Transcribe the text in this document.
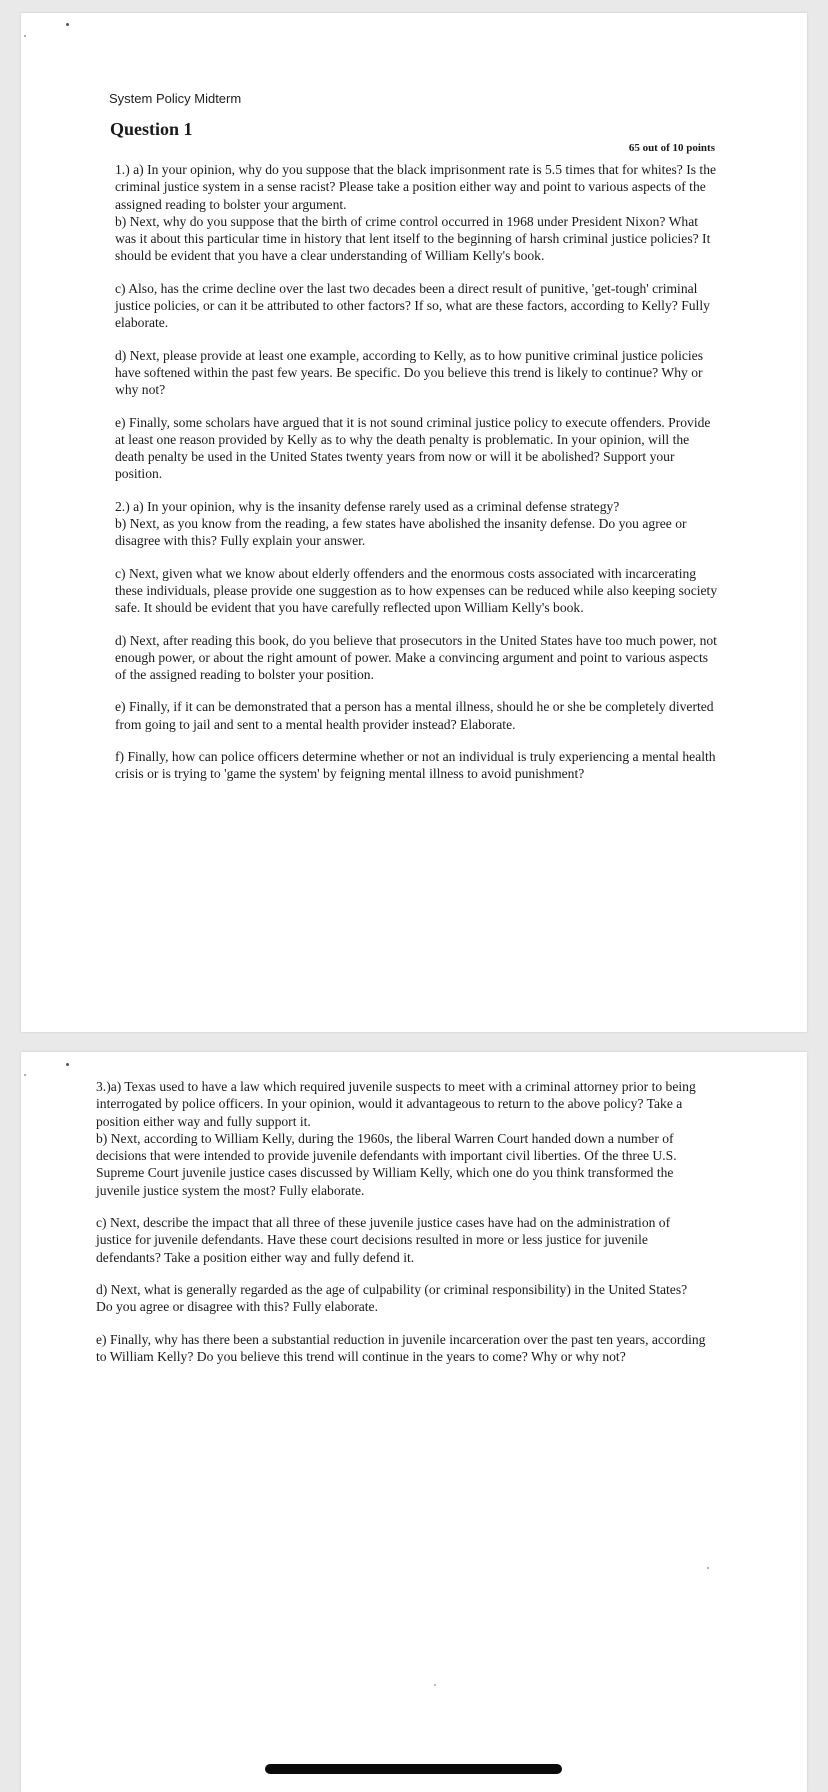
System Policy Midterm
Question 1
65 out of 10 points

1.) a) In your opinion, why do you suppose that the black imprisonment rate is 5.5 times that for whites? Is the criminal justice system in a sense racist? Please take a position either way and point to various aspects of the assigned reading to bolster your argument.

b) Next, why do you suppose that the birth of crime control occurred in 1968 under President Nixon? What was it about this particular time in history that lent itself to the beginning of harsh criminal justice policies? It should be evident that you have a clear understanding of William Kelly's book.

c) Also, has the crime decline over the last two decades been a direct result of punitive, 'get-tough' criminal justice policies, or can it be attributed to other factors? If so, what are these factors, according to Kelly? Fully elaborate.

d) Next, please provide at least one example, according to Kelly, as to how punitive criminal justice policies have softened within the past few years. Be specific. Do you believe this trend is likely to continue? Why or why not?

e) Finally, some scholars have argued that it is not sound criminal justice policy to execute offenders. Provide at least one reason provided by Kelly as to why the death penalty is problematic. In your opinion, will the death penalty be used in the United States twenty years from now or will it be abolished? Support your position.

2.) a) In your opinion, why is the insanity defense rarely used as a criminal defense strategy?

b) Next, as you know from the reading, a few states have abolished the insanity defense. Do you agree or disagree with this? Fully explain your answer.

c) Next, given what we know about elderly offenders and the enormous costs associated with incarcerating these individuals, please provide one suggestion as to how expenses can be reduced while also keeping society safe. It should be evident that you have carefully reflected upon William Kelly's book.

d) Next, after reading this book, do you believe that prosecutors in the United States have too much power, not enough power, or about the right amount of power. Make a convincing argument and point to various aspects of the assigned reading to bolster your position.

e) Finally, if it can be demonstrated that a person has a mental illness, should he or she be completely diverted from going to jail and sent to a mental health provider instead? Elaborate.

f) Finally, how can police officers determine whether or not an individual is truly experiencing a mental health crisis or is trying to 'game the system' by feigning mental illness to avoid punishment?

3.)a) Texas used to have a law which required juvenile suspects to meet with a criminal attorney prior to being interrogated by police officers. In your opinion, would it advantageous to return to the above policy? Take a position either way and fully support it.

b) Next, according to William Kelly, during the 1960s, the liberal Warren Court handed down a number of decisions that were intended to provide juvenile defendants with important civil liberties. Of the three U.S. Supreme Court juvenile justice cases discussed by William Kelly, which one do you think transformed the juvenile justice system the most? Fully elaborate.

c) Next, describe the impact that all three of these juvenile justice cases have had on the administration of justice for juvenile defendants. Have these court decisions resulted in more or less justice for juvenile defendants? Take a position either way and fully defend it.

d) Next, what is generally regarded as the age of culpability (or criminal responsibility) in the United States? Do you agree or disagree with this? Fully elaborate.

e) Finally, why has there been a substantial reduction in juvenile incarceration over the past ten years, according to William Kelly? Do you believe this trend will continue in the years to come? Why or why not?
